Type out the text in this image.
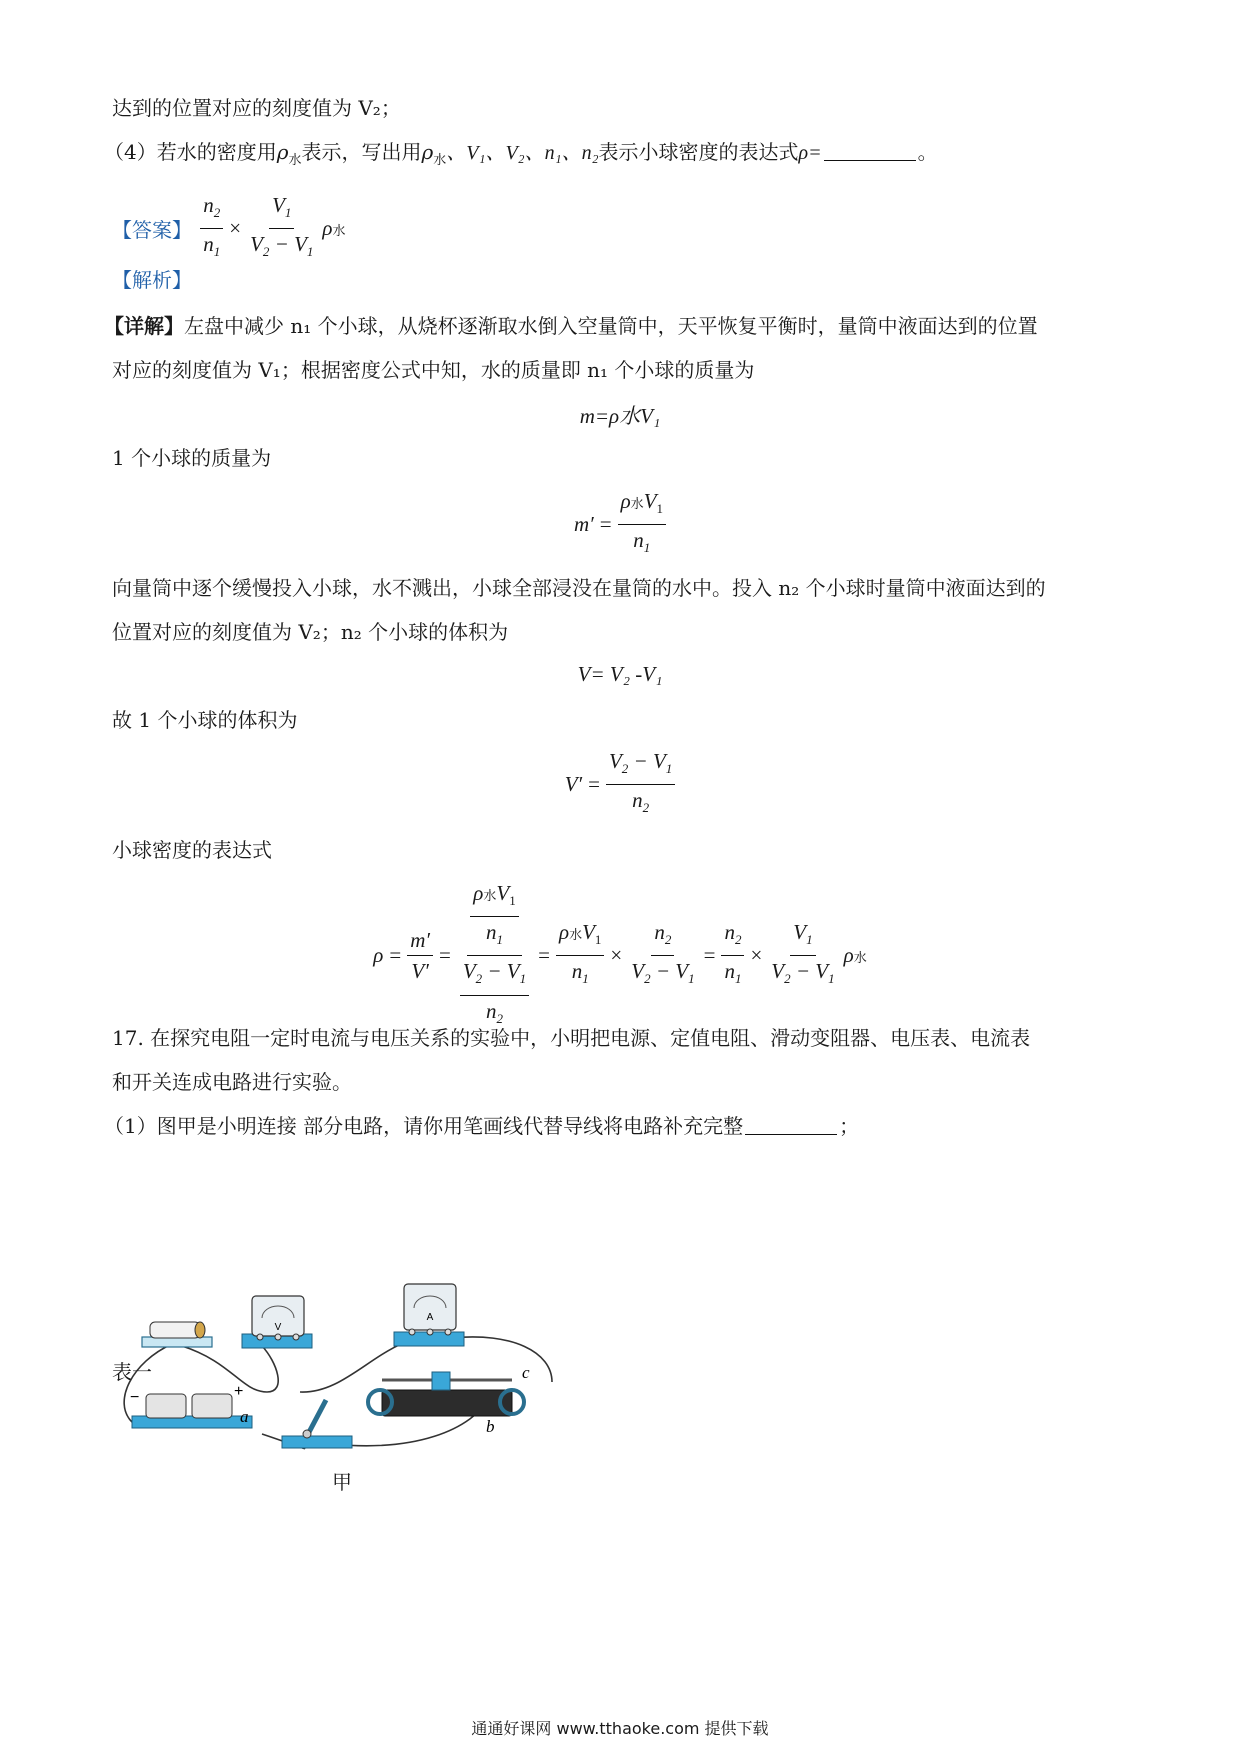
达到的位置对应的刻度值为 V₂；
（4）若水的密度用$\rho_水$表示，写出用$\rho_水$、V₁、V₂、n₁、n₂表示小球密度的表达式ρ=	。
【答案】 $\frac{n_2}{n_1} \times \frac{V_1}{V_2 - V_1}$ ρ水
【解析】
【详解】左盘中减少 n₁ 个小球，从烧杯逐渐取水倒入空量筒中，天平恢复平衡时，量筒中液面达到的位置
对应的刻度值为 V₁；根据密度公式中知，水的质量即 n₁ 个小球的质量为
m=ρ水V₁
1 个小球的质量为
$m' = \frac{\rho 水V_1}{n_1}$
向量筒中逐个缓慢投入小球，水不溅出，小球全部浸没在量筒的水中。投入 n₂ 个小球时量筒中液面达到的
位置对应的刻度值为 V₂；n₂ 个小球的体积为
V= V₂ -V₁
故 1 个小球的体积为
$V' = \frac{V_2 - V_1}{n_2}$
小球密度的表达式
$\rho = \frac{m'}{V'} = \frac{\frac{\rho 水V_1}{n_1}}{\frac{V_2 - V_1}{n_2}} = \frac{\rho 水V_1}{n_1} \times \frac{n_2}{V_2 - V_1} = \frac{n_2}{n_1} \times \frac{V_1}{V_2 - V_1}$ ρ水
17. 在探究电阻一定时电流与电压关系的实验中，小明把电源、定值电阻、滑动变阻器、电压表、电流表
和开关连成电路进行实验。
（1）图甲是小明连接 部分电路，请你用笔画线代替导线将电路补充完整	；
V
A
−	+
a
c
b
甲
表一
通通好课网 www.tthaoke.com 提供下载
